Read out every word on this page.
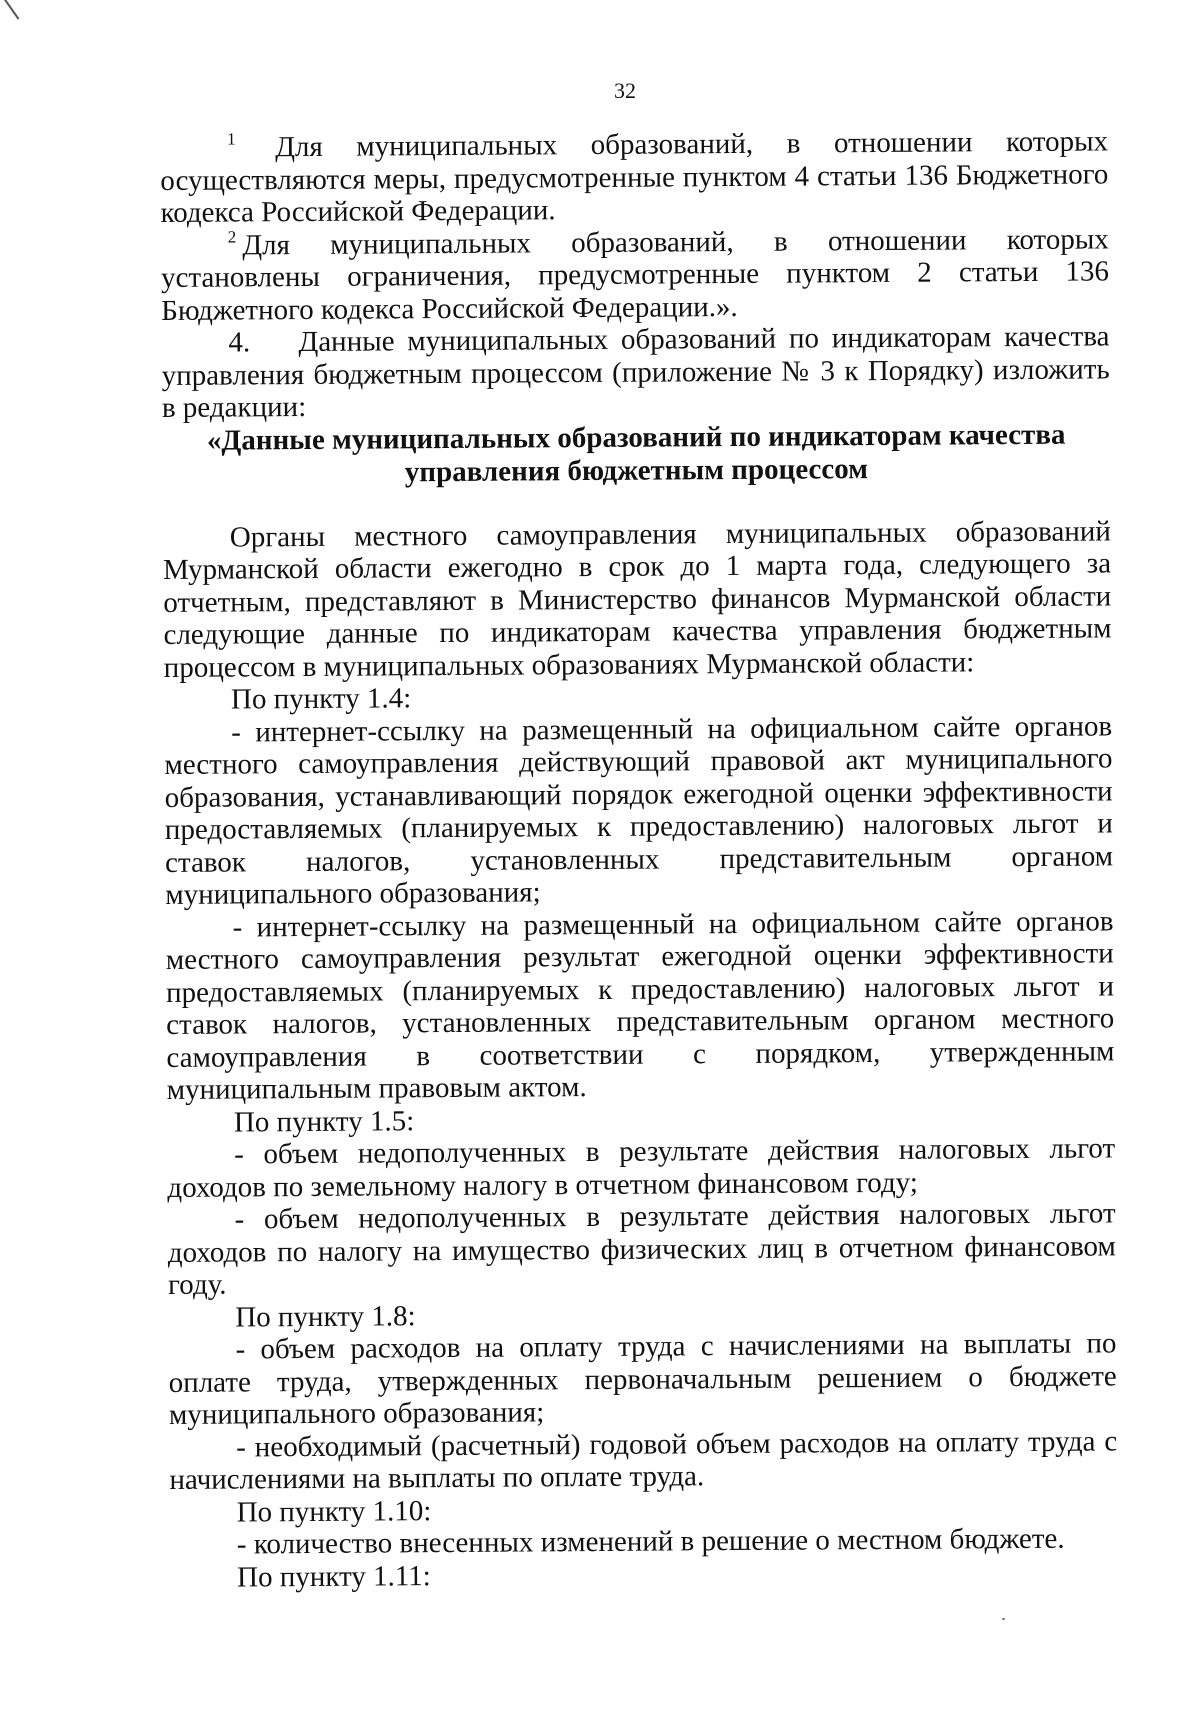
32

$^1$ Для муниципальных образований, в отношении которых

осуществляются меры, предусмотренные пунктом 4 статьи 136 Бюджетного кодекса Российской Федерации.

$^2$ Для муниципальных образований, в отношении которых установлены ограничения, предусмотренные пунктом 2 статьи 136 Бюджетного кодекса Российской Федерации.».

4. Данные муниципальных образований по индикаторам качества управления бюджетным процессом (приложение № 3 к Порядку) изложить в редакции:

«Данные муниципальных образований по индикаторам качества

управления бюджетным процессом

Органы местного самоуправления муниципальных образований Мурманской области ежегодно в срок до 1 марта года, следующего за отчетным, представляют в Министерство финансов Мурманской области следующие данные по индикаторам качества управления бюджетным процессом в муниципальных образованиях Мурманской области:

По пункту 1.4:

- интернет-ссылку на размещенный на официальном сайте органов местного самоуправления действующий правовой акт муниципального образования, устанавливающий порядок ежегодной оценки эффективности предоставляемых (планируемых к предоставлению) налоговых льгот и ставок налогов, установленных представительным органом муниципального образования;

- интернет-ссылку на размещенный на официальном сайте органов местного самоуправления результат ежегодной оценки эффективности предоставляемых (планируемых к предоставлению) налоговых льгот и ставок налогов, установленных представительным органом местного самоуправления в соответствии с порядком, утвержденным муниципальным правовым актом.

По пункту 1.5:

- объем недополученных в результате действия налоговых льгот доходов по земельному налогу в отчетном финансовом году;

- объем недополученных в результате действия налоговых льгот доходов по налогу на имущество физических лиц в отчетном финансовом году.

По пункту 1.8:

- объем расходов на оплату труда с начислениями на выплаты по оплате труда, утвержденных первоначальным решением о бюджете муниципального образования;

- необходимый (расчетный) годовой объем расходов на оплату труда с начислениями на выплаты по оплате труда.

По пункту 1.10:

- количество внесенных изменений в решение о местном бюджете.

По пункту 1.11:
